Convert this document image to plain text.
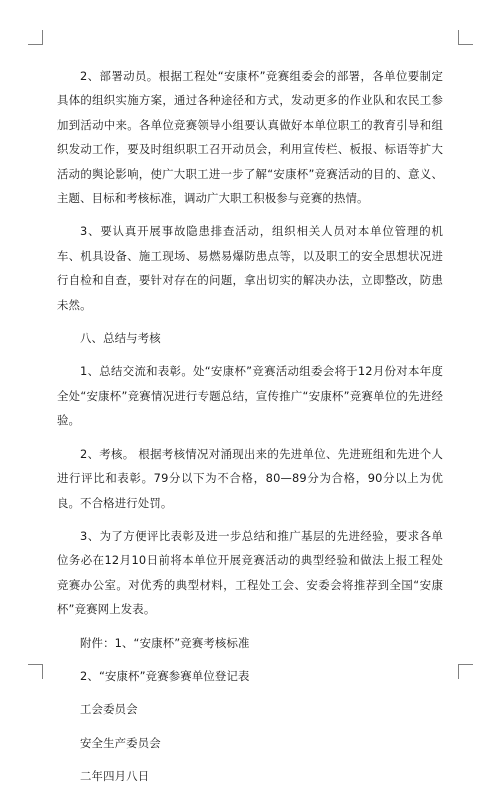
2、部署动员。根据工程处“安康杯”竞赛组委会的部署，各单位要制定具体的组织实施方案，通过各种途径和方式，发动更多的作业队和农民工参加到活动中来。各单位竞赛领导小组要认真做好本单位职工的教育引导和组织发动工作，要及时组织职工召开动员会，利用宣传栏、板报、标语等扩大活动的舆论影响，使广大职工进一步了解“安康杯”竞赛活动的目的、意义、主题、目标和考核标准，调动广大职工积极参与竞赛的热情。

3、要认真开展事故隐患排查活动，组织相关人员对本单位管理的机车、机具设备、施工现场、易燃易爆防患点等，以及职工的安全思想状况进行自检和自查，要针对存在的问题，拿出切实的解决办法，立即整改，防患未然。

八、总结与考核

1、总结交流和表彰。处“安康杯”竞赛活动组委会将于12月份对本年度全处“安康杯”竞赛情况进行专题总结，宣传推广“安康杯”竞赛单位的先进经验。

2、考核。 根据考核情况对涌现出来的先进单位、先进班组和先进个人进行评比和表彰。79分以下为不合格，80—89分为合格，90分以上为优良。不合格进行处罚。

3、为了方便评比表彰及进一步总结和推广基层的先进经验，要求各单位务必在12月10日前将本单位开展竞赛活动的典型经验和做法上报工程处竞赛办公室。对优秀的典型材料，工程处工会、安委会将推荐到全国“安康杯”竞赛网上发表。

附件：1、“安康杯”竞赛考核标准

2、“安康杯”竞赛参赛单位登记表

工会委员会

安全生产委员会

二年四月八日
